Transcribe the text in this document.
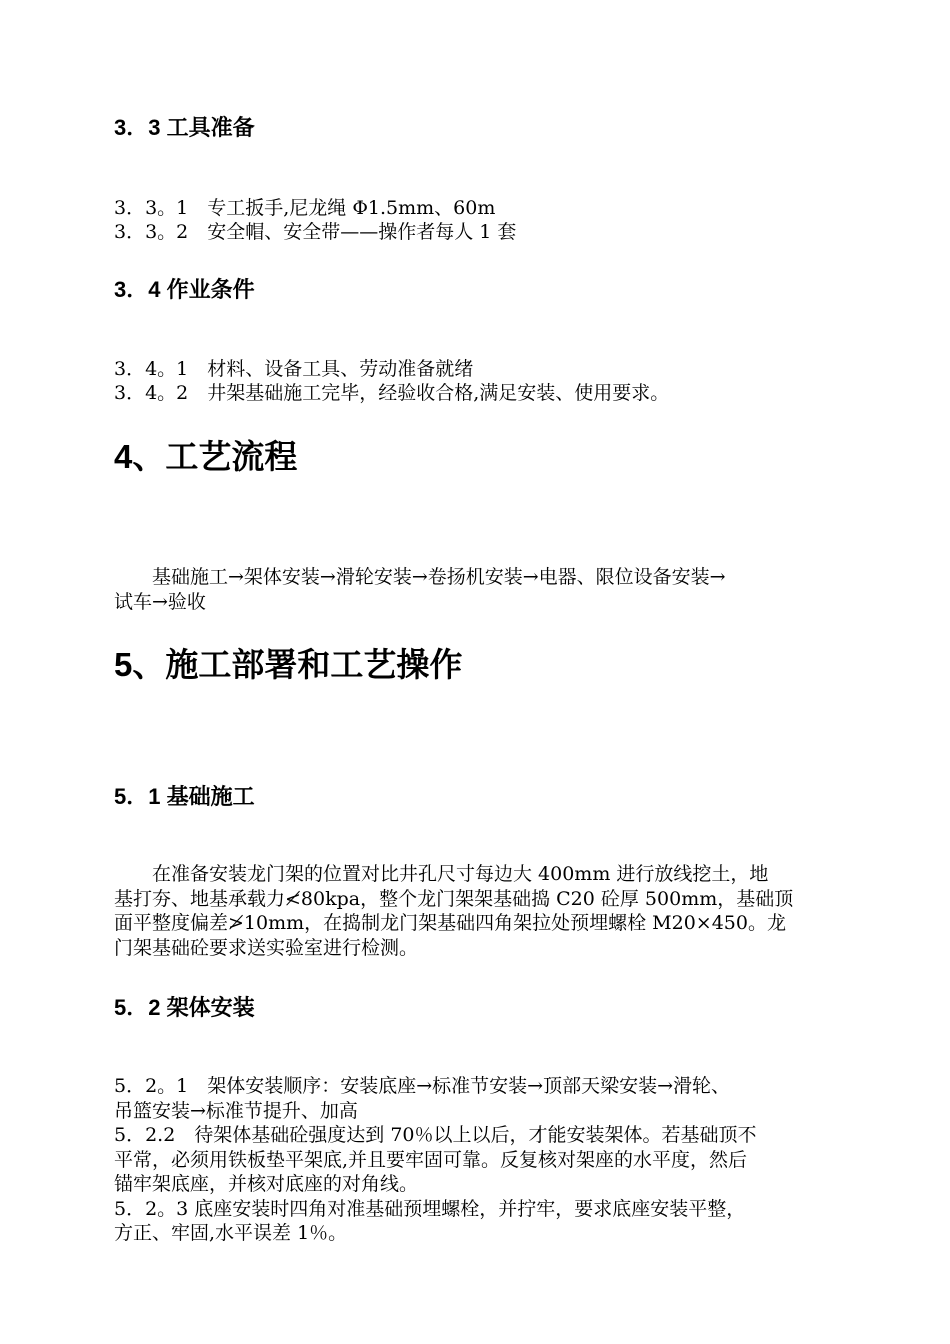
3．3 工具准备

3．3。1　专工扳手,尼龙绳 Φ1.5mm、60m

3．3。2　安全帽、安全带——操作者每人 1 套

3．4 作业条件

3．4。1　材料、设备工具、劳动准备就绪

3．4。2　井架基础施工完毕，经验收合格,满足安装、使用要求。

4、工艺流程
　　基础施工→架体安装→滑轮安装→卷扬机安装→电器、限位设备安装→
试车→验收
5、施工部署和工艺操作
5．1 基础施工
　　在准备安装龙门架的位置对比井孔尺寸每边大 400mm 进行放线挖土，地
基打夯、地基承载力≮80kpa，整个龙门架架基础捣 C20 砼厚 500mm，基础顶
面平整度偏差≯10mm，在捣制龙门架基础四角架拉处预埋螺栓 M20×450。龙
门架基础砼要求送实验室进行检测。
5．2 架体安装
5．2。1　架体安装顺序：安装底座→标准节安装→顶部天梁安装→滑轮、
吊篮安装→标准节提升、加高
5．2.2　待架体基础砼强度达到 70％以上以后，才能安装架体。若基础顶不
平常，必须用铁板垫平架底,并且要牢固可靠。反复核对架座的水平度，然后
锚牢架底座，并核对底座的对角线。
5．2。3 底座安装时四角对准基础预埋螺栓，并拧牢，要求底座安装平整，
方正、牢固,水平误差 1％。
